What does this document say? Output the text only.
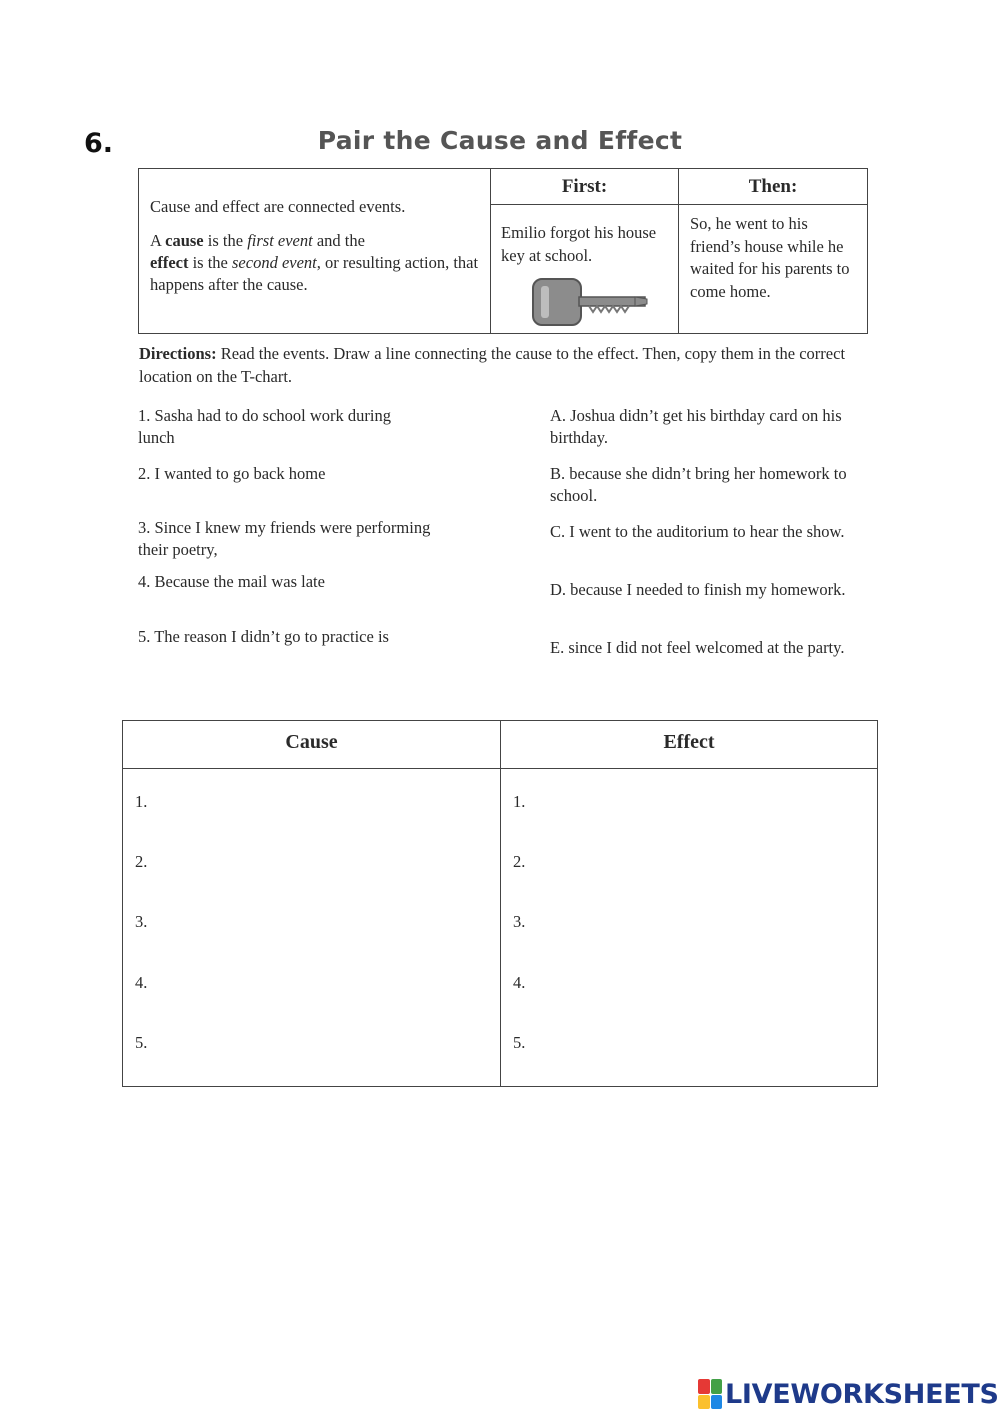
6.	Pair the Cause and Effect

Cause and effect are connected events.

A cause is the first event and the
effect is the second event, or resulting action, that happens after the cause.

First:
Emilio forgot his house key at school.
Then:
So, he went to his friend’s house while he waited for his parents to come home.
Directions: Read the events. Draw a line connecting the cause to the effect. Then, copy them in the correct location on the T-chart.
1. Sasha had to do school work during lunch
2. I wanted to go back home
3. Since I knew my friends were performing their poetry,
4. Because the mail was late
5. The reason I didn’t go to practice is
A. Joshua didn’t get his birthday card on his birthday.
B. because she didn’t bring her homework to school.
C. I went to the auditorium to hear the show.
D. because I needed to finish my homework.
E. since I did not feel welcomed at the party.
Cause
1.
2.
3.
4.
5.
Effect
1.
2.
3.
4.
5.
LIVEWORKSHEETS
